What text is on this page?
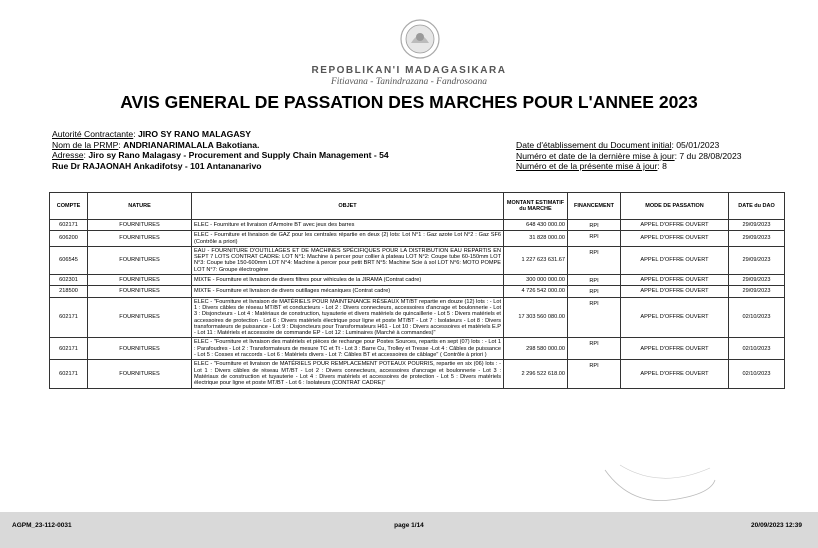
REPOBLIKAN'I MADAGASIKARA
Fitiavana - Tanindrazana - Fandrosoana
AVIS GENERAL DE PASSATION DES MARCHES POUR L'ANNEE 2023
Autorité Contractante: JIRO SY RANO MALAGASY
Nom de la PRMP: ANDRIANARIMALALA Bakotiana.
Adresse: Jiro sy Rano Malagasy - Procurement and Supply Chain Management - 54
Rue Dr RAJAONAH Ankadifotsy - 101 Antananarivo
Date d'établissement du Document initial: 05/01/2023
Numéro et date de la dernière mise à jour: 7 du 28/08/2023
Numéro et de la présente mise à jour: 8
COMPTE	NATURE	OBJET	MONTANT ESTIMATIF du MARCHE	FINANCEMENT	MODE DE PASSATION	DATE du DAO
602171	FOURNITURES	ELEC - Fourniture et livraison d'Armoire BT avec jeux des barres	648 430 000.00	RPI	APPEL D'OFFRE OUVERT	29/09/2023
606200	FOURNITURES	ELEC - Fourniture et livraison de GAZ pour les centrales répartie en deux (2) lots: Lot N°1 : Gaz azote Lot N°2 : Gaz SF6 (Contrôle a priori)	31 828 000.00	RPI	APPEL D'OFFRE OUVERT	29/09/2023
606545	FOURNITURES	EAU - FOURNITURE D'OUTILLAGES ET DE MACHINES SPÉCIFIQUES POUR LA DISTRIBUTION EAU REPARTIS EN SEPT 7 LOTS CONTRAT CADRE: LOT N°1: Machine à percer pour collier à plateau LOT N°2: Coupe tube 60-150mm LOT N°3: Coupe tube 150-600mm LOT N°4: Machine à percer pour petit BRT N°5: Machine Scie à sol LOT N°6: MOTO POMPE LOT N°7: Groupe électrogène	1 227 623 631.67	RPI	APPEL D'OFFRE OUVERT	29/09/2023
602301	FOURNITURES	MIXTE - Fourniture et livraison de divers filtres pour véhicules de la JIRAMA (Contrat cadre)	300 000 000.00	RPI	APPEL D'OFFRE OUVERT	29/09/2023
218500	FOURNITURES	MIXTE - Fourniture et livraison de divers outillages mécaniques (Contrat cadre)	4 726 542 000.00	RPI	APPEL D'OFFRE OUVERT	29/09/2023
602171	FOURNITURES	ELEC - "Fourniture et livraison de MATÉRIELS POUR MAINTENANCE RÉSEAUX MT/BT repartie en douze (12) lots : - Lot 1 : Divers câbles de réseau MT/BT et conducteurs - Lot 2 : Divers connecteurs, accessoires d'ancrage et boulonnerie - Lot 3 : Disjoncteurs - Lot 4 : Matériaux de construction, tuyauterie et divers matériels de quincaillerie - Lot 5 : Divers matériels et accessoires de protection - Lot 6 : Divers matériels électrique pour ligne et poste MT/BT - Lot 7 : Isolateurs - Lot 8 : Divers transformateurs de puissance - Lot 9 : Disjoncteurs pour Transformateurs H61 - Lot 10 : Divers accessoires et matériels E.P - Lot 11 : Matériels et accessoire de commande EP - Lot 12 : Luminaires (Marché à commandes)"	17 303 560 080.00	RPI	APPEL D'OFFRE OUVERT	02/10/2023
602171	FOURNITURES	ELEC - "Fourniture et livraison des matériels et pièces de rechange pour Postes Sources, repartis en sept (07) lots : - Lot 1 : Parafoudres - Lot 2 : Transformateurs de mesure TC et Tt - Lot 3 : Barre Cu, Trolley et Tresse -Lot 4 : Câbles de puissance - Lot 5 : Cosses et raccords - Lot 6 : Matériels divers - Lot 7: Câbles BT et accessoires de câblage" ( Contrôle à priori )	298 580 000.00	RPI	APPEL D'OFFRE OUVERT	02/10/2023
602171	FOURNITURES	ELEC - "Fourniture et livraison de MATÉRIELS POUR REMPLACEMENT POTEAUX POURRIS, repartie en six (06) lots : - Lot 1 : Divers câbles de réseau MT/BT - Lot 2 : Divers connecteurs, accessoires d'ancrage et boulonnerie - Lot 3 : Matériaux de construction et tuyauterie - Lot 4 : Divers matériels et accessoires de protection - Lot 5 : Divers matériels électrique pour ligne et poste MT/BT - Lot 6 : Isolateurs (CONTRAT CADRE)"	2 296 522 618.00	RPI	APPEL D'OFFRE OUVERT	02/10/2023
AGPM_23-112-0031	page 1/14	20/09/2023 12:39
